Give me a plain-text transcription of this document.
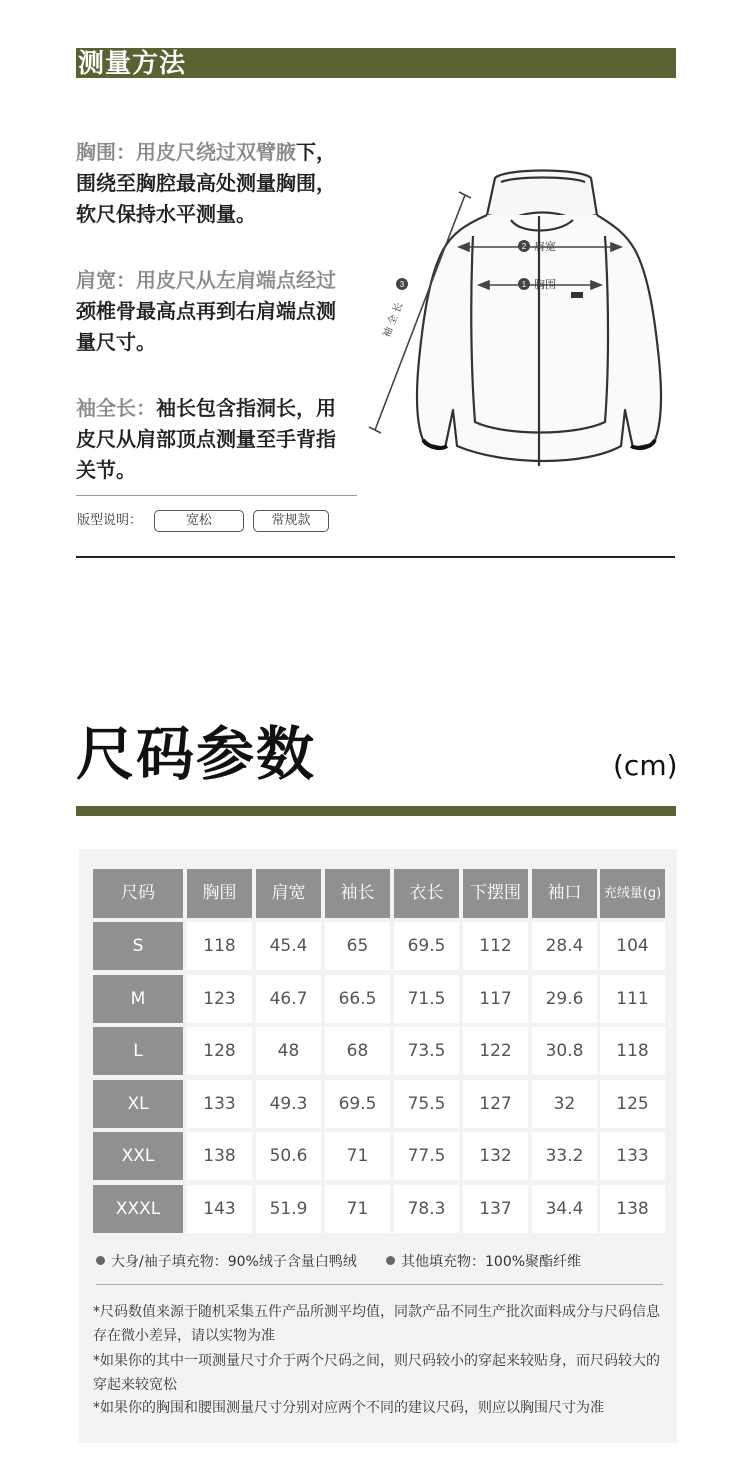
测量方法
胸围：用皮尺绕过双臂腋下，围绕至胸腔最高处测量胸围，软尺保持水平测量。
肩宽：用皮尺从左肩端点经过颈椎骨最高点再到右肩端点测量尺寸。
袖全长：袖长包含指洞长，用皮尺从肩部顶点测量至手背指关节。
版型说明：	宽松	常规款
2 肩宽
1 胸围
3
袖 全 长
尺码参数	(cm)
尺码	胸围	肩宽	袖长	衣长	下摆围	袖口	充绒量(g)
S	118	45.4	65	69.5	112	28.4	104
M	123	46.7	66.5	71.5	117	29.6	111
L	128	48	68	73.5	122	30.8	118
XL	133	49.3	69.5	75.5	127	32	125
XXL	138	50.6	71	77.5	132	33.2	133
XXXL	143	51.9	71	78.3	137	34.4	138
大身/袖子填充物：90%绒子含量白鸭绒	其他填充物：100%聚酯纤维
*尺码数值来源于随机采集五件产品所测平均值，同款产品不同生产批次面料成分与尺码信息存在微小差异，请以实物为准
*如果你的其中一项测量尺寸介于两个尺码之间，则尺码较小的穿起来较贴身，而尺码较大的穿起来较宽松
*如果你的胸围和腰围测量尺寸分别对应两个不同的建议尺码，则应以胸围尺寸为准
